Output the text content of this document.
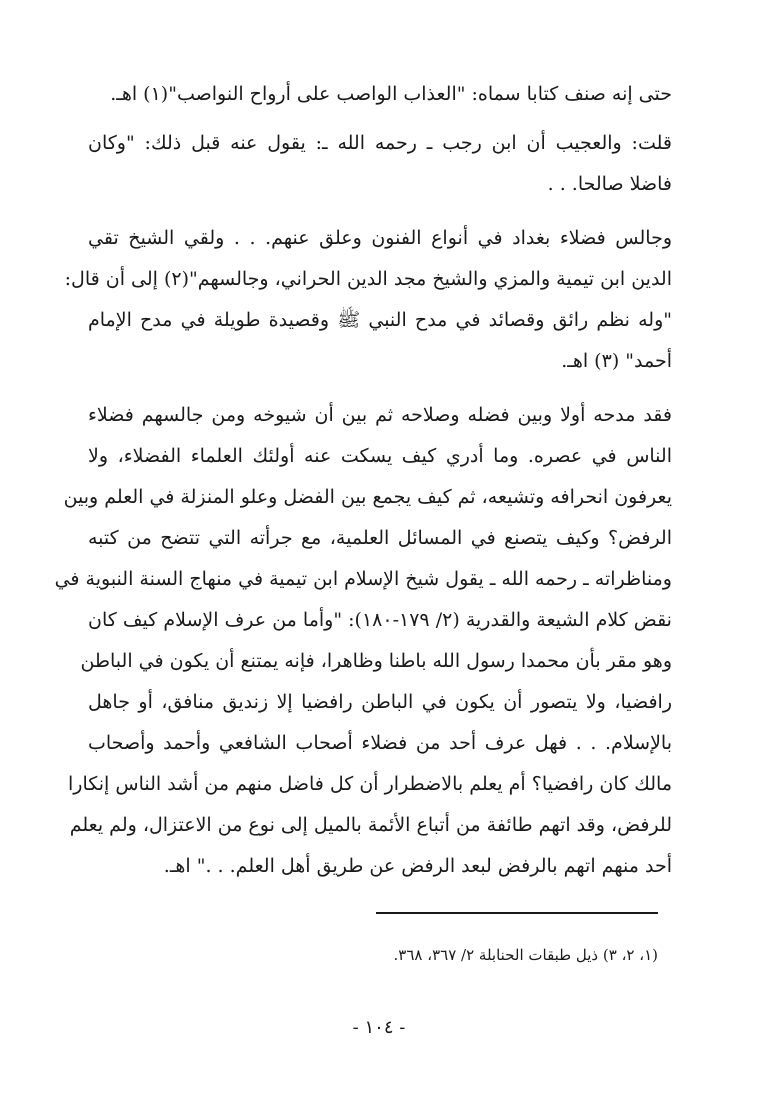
حتى إنه صنف كتابا سماه: "العذاب الواصب على أرواح النواصب"(١) اهـ.
قلت: والعجيب أن ابن رجب ـ رحمه الله ـ: يقول عنه قبل ذلك: "وكان
فاضلا صالحا. . .
وجالس فضلاء بغداد في أنواع الفنون وعلق عنهم. . . ولقي الشيخ تقي
الدين ابن تيمية والمزي والشيخ مجد الدين الحراني، وجالسهم"(٢) إلى أن قال:
"وله نظم رائق وقصائد في مدح النبي ﷺ وقصيدة طويلة في مدح الإمام
أحمد" (٣) اهـ.
فقد مدحه أولا وبين فضله وصلاحه ثم بين أن شيوخه ومن جالسهم فضلاء
الناس في عصره. وما أدري كيف يسكت عنه أولئك العلماء الفضلاء، ولا
يعرفون انحرافه وتشيعه، ثم كيف يجمع بين الفضل وعلو المنزلة في العلم وبين
الرفض؟ وكيف يتصنع في المسائل العلمية، مع جرأته التي تتضح من كتبه
ومناظراته ـ رحمه الله ـ يقول شيخ الإسلام ابن تيمية في منهاج السنة النبوية في
نقض كلام الشيعة والقدرية (٢/ ١٧٩-١٨٠): "وأما من عرف الإسلام كيف كان
وهو مقر بأن محمدا رسول الله باطنا وظاهرا، فإنه يمتنع أن يكون في الباطن
رافضيا، ولا يتصور أن يكون في الباطن رافضيا إلا زنديق منافق، أو جاهل
بالإسلام. . . فهل عرف أحد من فضلاء أصحاب الشافعي وأحمد وأصحاب
مالك كان رافضيا؟ أم يعلم بالاضطرار أن كل فاضل منهم من أشد الناس إنكارا
للرفض، وقد اتهم طائفة من أتباع الأئمة بالميل إلى نوع من الاعتزال، ولم يعلم
أحد منهم اتهم بالرفض لبعد الرفض عن طريق أهل العلم. . ." اهـ.
(١، ٢، ٣) ذيل طبقات الحنابلة ٢/ ٣٦٧، ٣٦٨.
- ١٠٤ -
